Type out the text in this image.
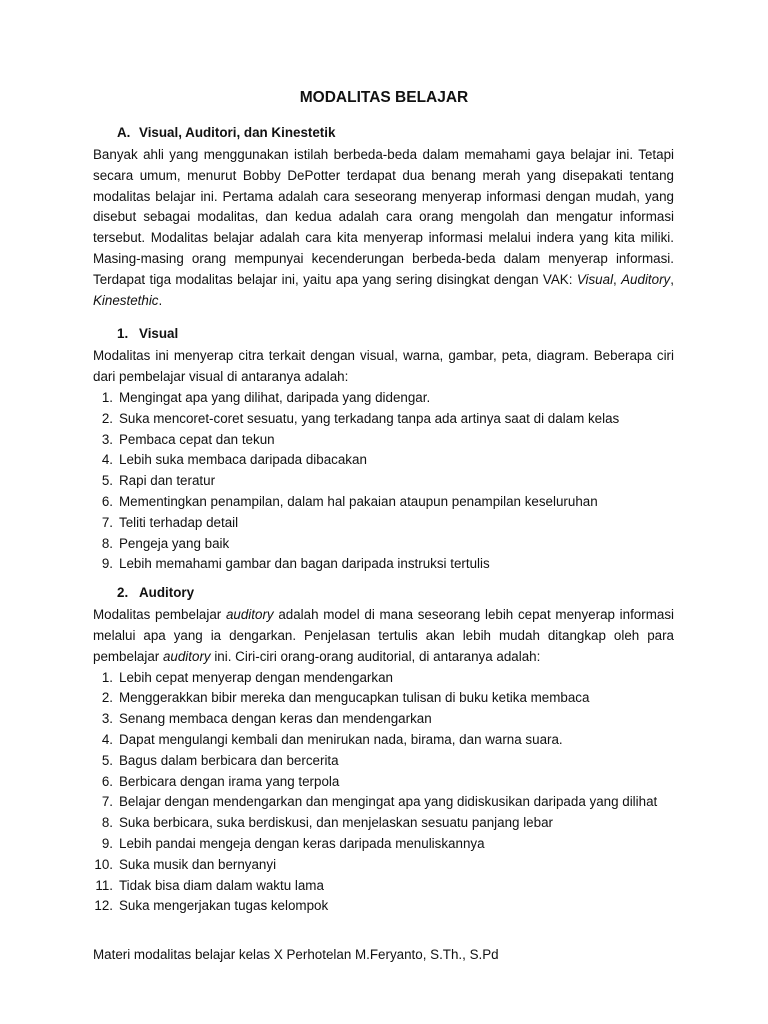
MODALITAS BELAJAR
A. Visual, Auditori, dan Kinestetik

Banyak ahli yang menggunakan istilah berbeda-beda dalam memahami gaya belajar ini. Tetapi secara umum, menurut Bobby DePotter terdapat dua benang merah yang disepakati tentang modalitas belajar ini. Pertama adalah cara seseorang menyerap informasi dengan mudah, yang disebut sebagai modalitas, dan kedua adalah cara orang mengolah dan mengatur informasi tersebut. Modalitas belajar adalah cara kita menyerap informasi melalui indera yang kita miliki. Masing-masing orang mempunyai kecenderungan berbeda-beda dalam menyerap informasi. Terdapat tiga modalitas belajar ini, yaitu apa yang sering disingkat dengan VAK: Visual, Auditory, Kinestethic.

1. Visual

Modalitas ini menyerap citra terkait dengan visual, warna, gambar, peta, diagram. Beberapa ciri dari pembelajar visual di antaranya adalah:

1. Mengingat apa yang dilihat, daripada yang didengar.
2. Suka mencoret-coret sesuatu, yang terkadang tanpa ada artinya saat di dalam kelas
3. Pembaca cepat dan tekun
4. Lebih suka membaca daripada dibacakan
5. Rapi dan teratur
6. Mementingkan penampilan, dalam hal pakaian ataupun penampilan keseluruhan
7. Teliti terhadap detail
8. Pengeja yang baik
9. Lebih memahami gambar dan bagan daripada instruksi tertulis
2. Auditory

Modalitas pembelajar auditory adalah model di mana seseorang lebih cepat menyerap informasi melalui apa yang ia dengarkan. Penjelasan tertulis akan lebih mudah ditangkap oleh para pembelajar auditory ini. Ciri-ciri orang-orang auditorial, di antaranya adalah:

1. Lebih cepat menyerap dengan mendengarkan
2. Menggerakkan bibir mereka dan mengucapkan tulisan di buku ketika membaca
3. Senang membaca dengan keras dan mendengarkan
4. Dapat mengulangi kembali dan menirukan nada, birama, dan warna suara.
5. Bagus dalam berbicara dan bercerita
6. Berbicara dengan irama yang terpola
7. Belajar dengan mendengarkan dan mengingat apa yang didiskusikan daripada yang dilihat
8. Suka berbicara, suka berdiskusi, dan menjelaskan sesuatu panjang lebar
9. Lebih pandai mengeja dengan keras daripada menuliskannya
10. Suka musik dan bernyanyi
11. Tidak bisa diam dalam waktu lama
12. Suka mengerjakan tugas kelompok
Materi modalitas belajar kelas X Perhotelan M.Feryanto, S.Th., S.Pd
